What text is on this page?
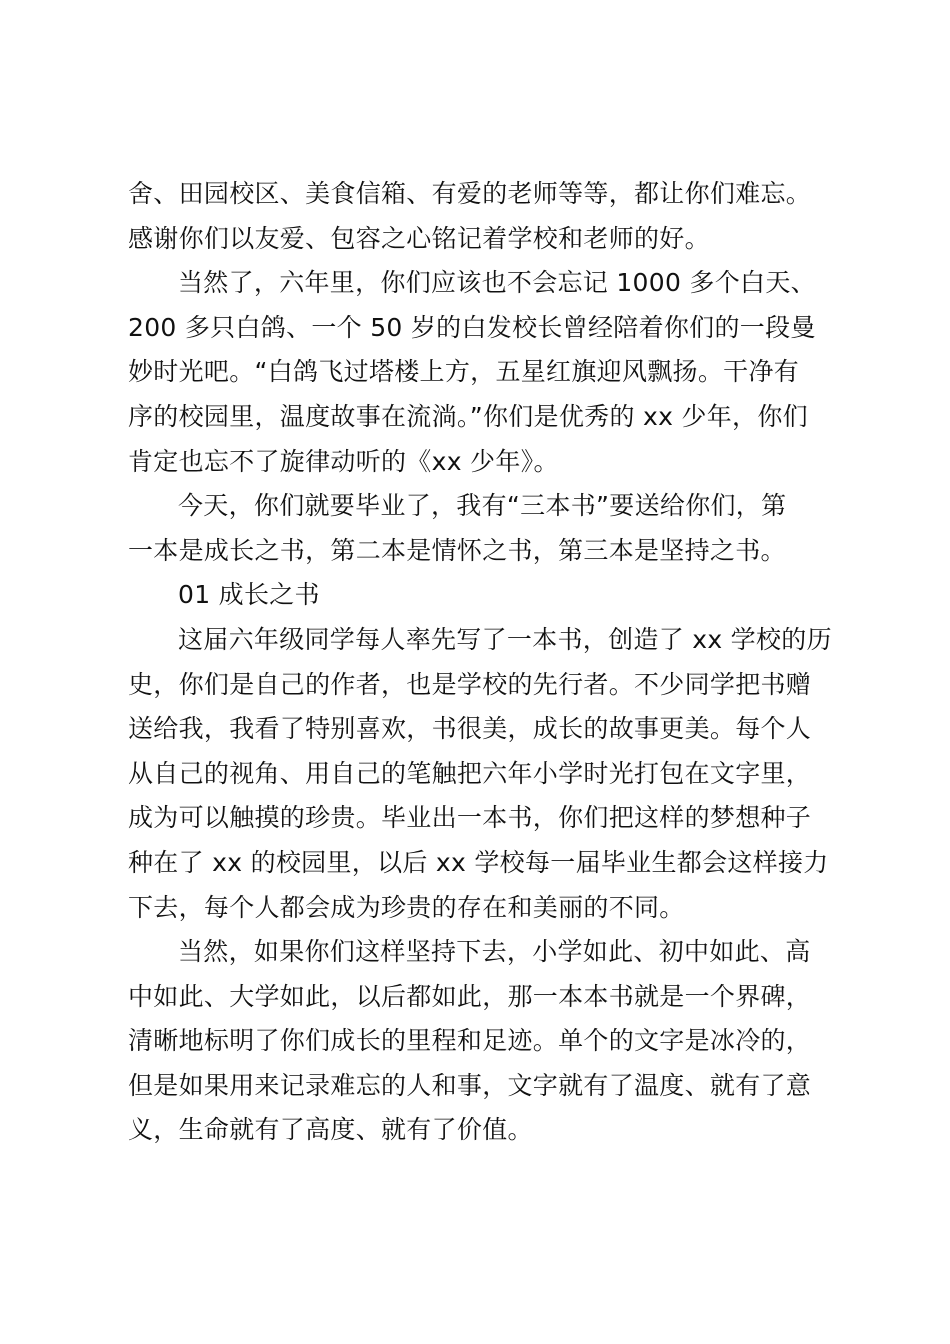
舍、田园校区、美食信箱、有爱的老师等等，都让你们难忘。
感谢你们以友爱、包容之心铭记着学校和老师的好。
当然了，六年里，你们应该也不会忘记 1000 多个白天、
200 多只白鸽、一个 50 岁的白发校长曾经陪着你们的一段曼
妙时光吧。“白鸽飞过塔楼上方，五星红旗迎风飘扬。干净有
序的校园里，温度故事在流淌。”你们是优秀的 xx 少年，你们
肯定也忘不了旋律动听的《xx 少年》。
今天，你们就要毕业了，我有“三本书”要送给你们，第
一本是成长之书，第二本是情怀之书，第三本是坚持之书。
01 成长之书
这届六年级同学每人率先写了一本书，创造了 xx 学校的历
史，你们是自己的作者，也是学校的先行者。不少同学把书赠
送给我，我看了特别喜欢，书很美，成长的故事更美。每个人
从自己的视角、用自己的笔触把六年小学时光打包在文字里，
成为可以触摸的珍贵。毕业出一本书，你们把这样的梦想种子
种在了 xx 的校园里，以后 xx 学校每一届毕业生都会这样接力
下去，每个人都会成为珍贵的存在和美丽的不同。
当然，如果你们这样坚持下去，小学如此、初中如此、高
中如此、大学如此，以后都如此，那一本本书就是一个界碑，
清晰地标明了你们成长的里程和足迹。单个的文字是冰冷的，
但是如果用来记录难忘的人和事，文字就有了温度、就有了意
义，生命就有了高度、就有了价值。
